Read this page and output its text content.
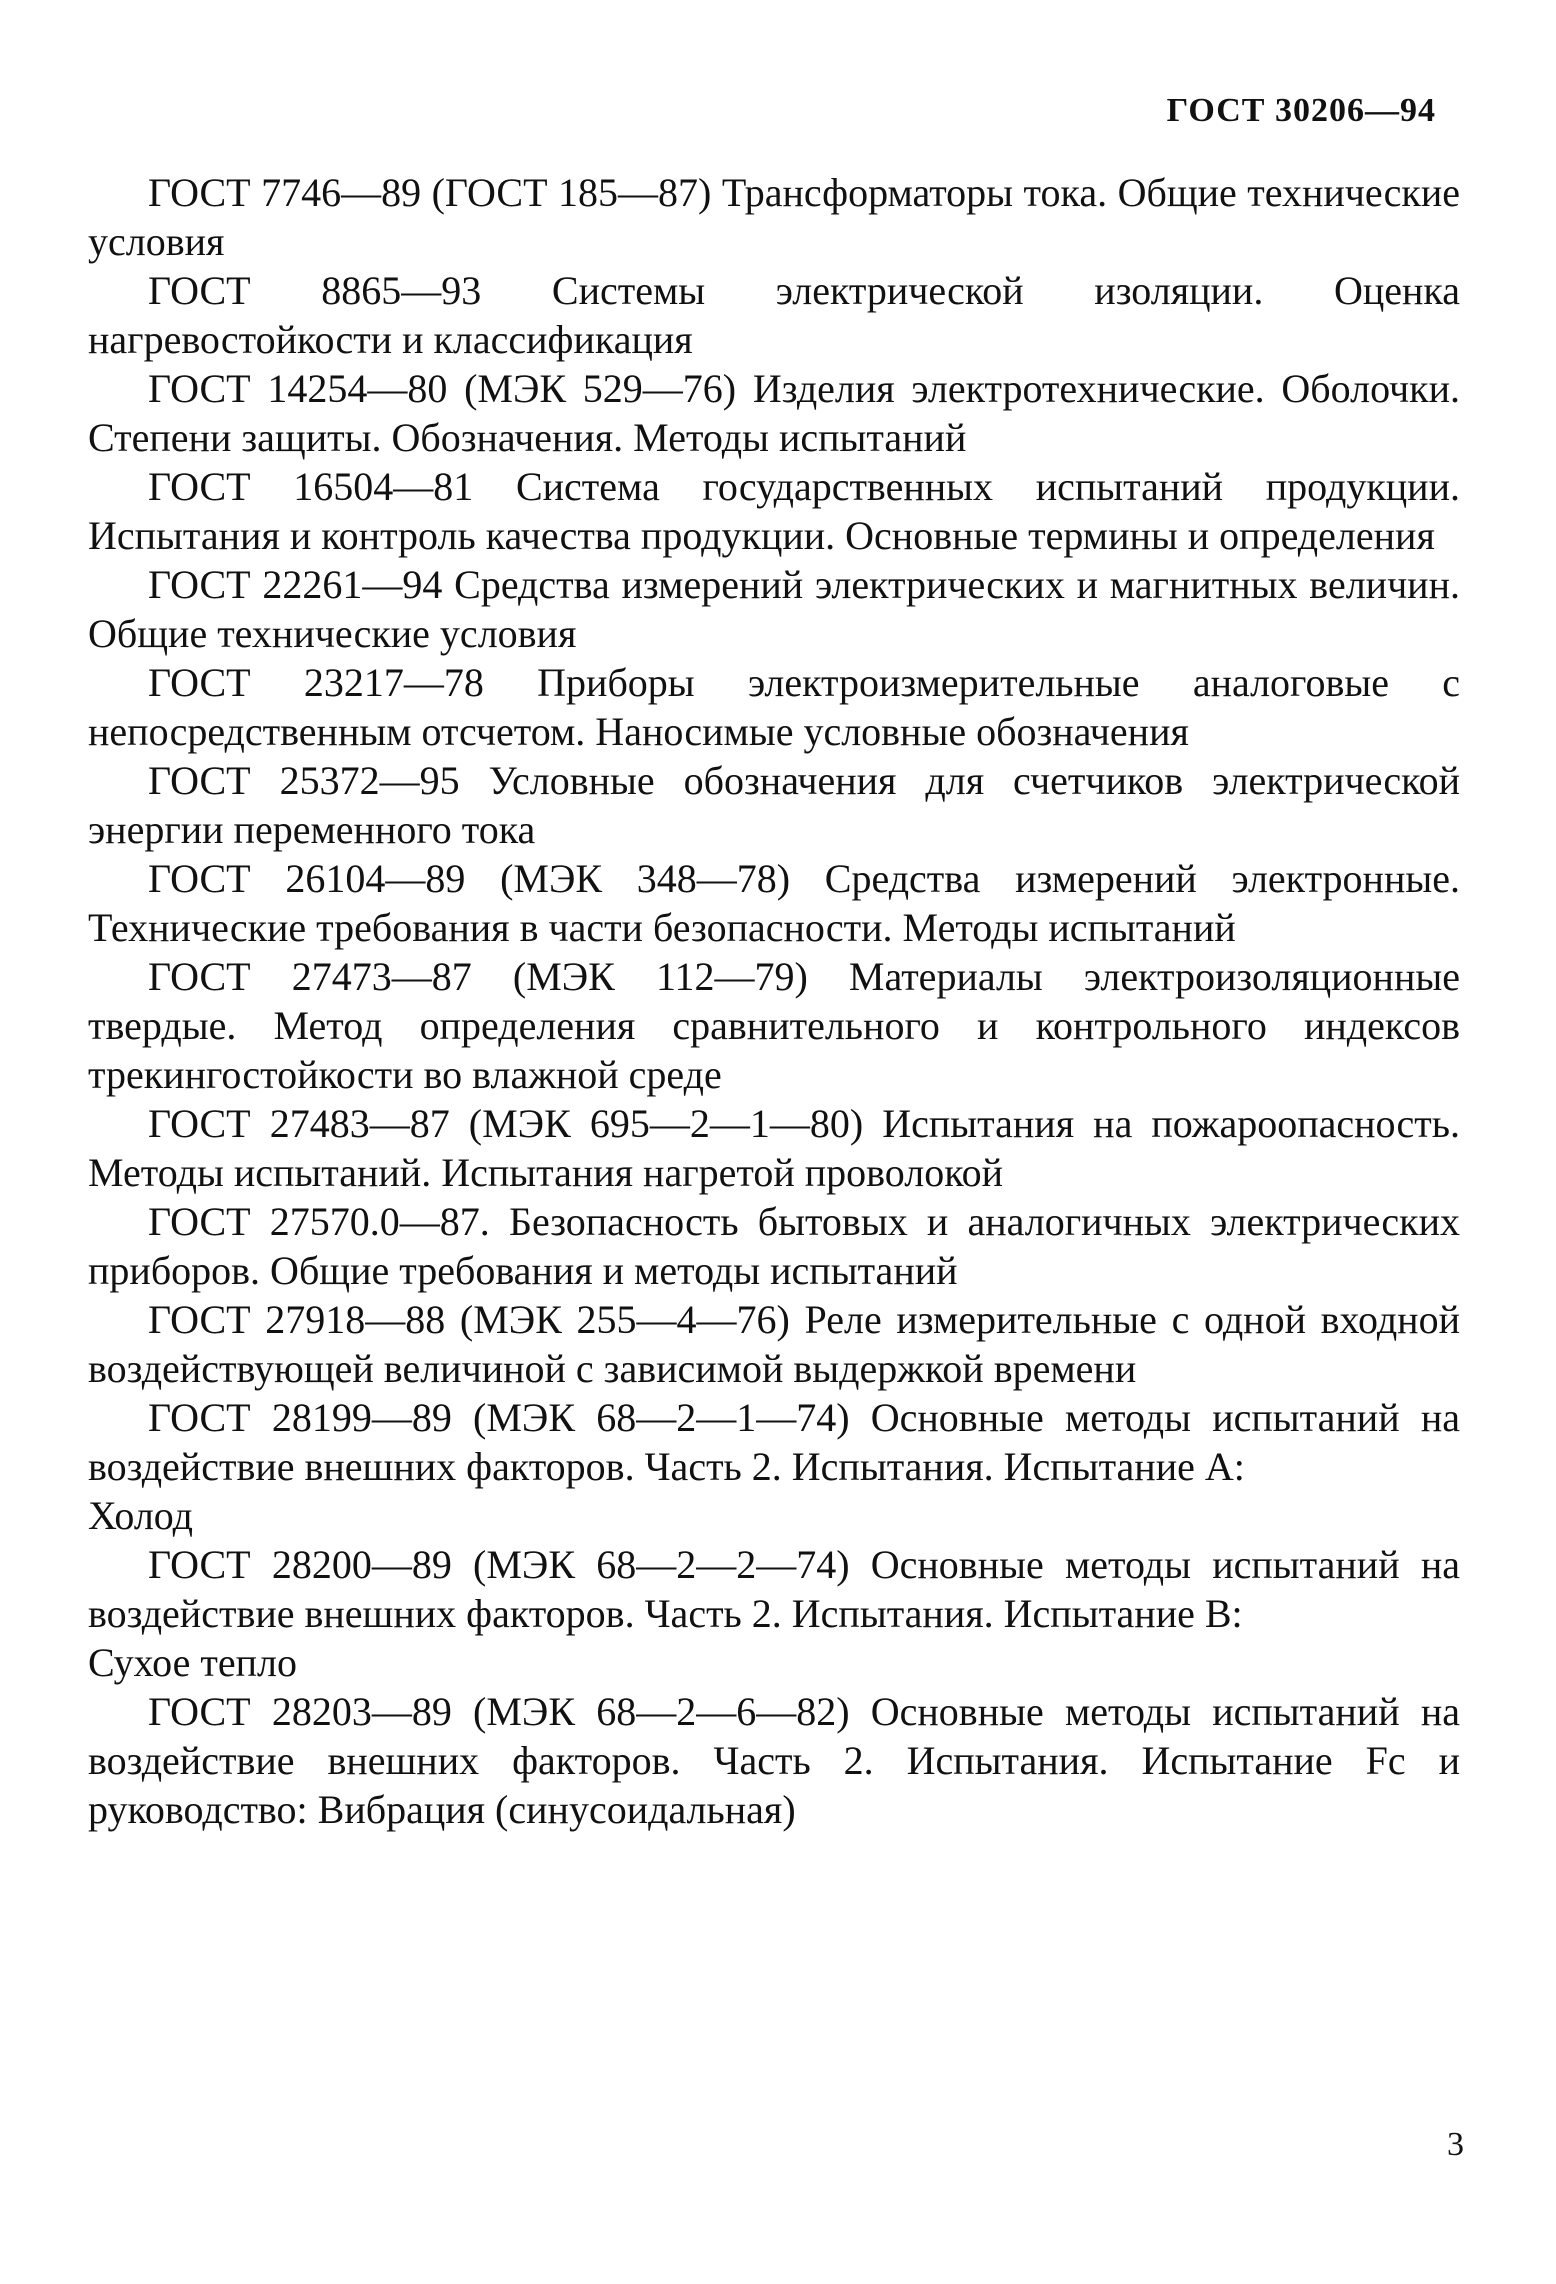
ГОСТ 30206—94

ГОСТ 7746—89 (ГОСТ 185—87) Трансформаторы тока. Общие технические условия

ГОСТ 8865—93 Системы электрической изоляции. Оценка нагревостойкости и классификация

ГОСТ 14254—80 (МЭК 529—76) Изделия электротехнические. Оболочки. Степени защиты. Обозначения. Методы испытаний

ГОСТ 16504—81 Система государственных испытаний продукции. Испытания и контроль качества продукции. Основные термины и определения

ГОСТ 22261—94 Средства измерений электрических и магнитных величин. Общие технические условия

ГОСТ 23217—78 Приборы электроизмерительные аналоговые с непосредственным отсчетом. Наносимые условные обозначения

ГОСТ 25372—95 Условные обозначения для счетчиков электрической энергии переменного тока

ГОСТ 26104—89 (МЭК 348—78) Средства измерений электронные. Технические требования в части безопасности. Методы испытаний

ГОСТ 27473—87 (МЭК 112—79) Материалы электроизоляционные твердые. Метод определения сравнительного и контрольного индексов трекингостойкости во влажной среде

ГОСТ 27483—87 (МЭК 695—2—1—80) Испытания на пожароопасность. Методы испытаний. Испытания нагретой проволокой

ГОСТ 27570.0—87. Безопасность бытовых и аналогичных электрических приборов. Общие требования и методы испытаний

ГОСТ 27918—88 (МЭК 255—4—76) Реле измерительные с одной входной воздействующей величиной с зависимой выдержкой времени

ГОСТ 28199—89 (МЭК 68—2—1—74) Основные методы испытаний на воздействие внешних факторов. Часть 2. Испытания. Испытание А:

Холод

ГОСТ 28200—89 (МЭК 68—2—2—74) Основные методы испытаний на воздействие внешних факторов. Часть 2. Испытания. Испытание В:

Сухое тепло

ГОСТ 28203—89 (МЭК 68—2—6—82) Основные методы испытаний на воздействие внешних факторов. Часть 2. Испытания. Испытание Fc и руководство: Вибрация (синусоидальная)

3
